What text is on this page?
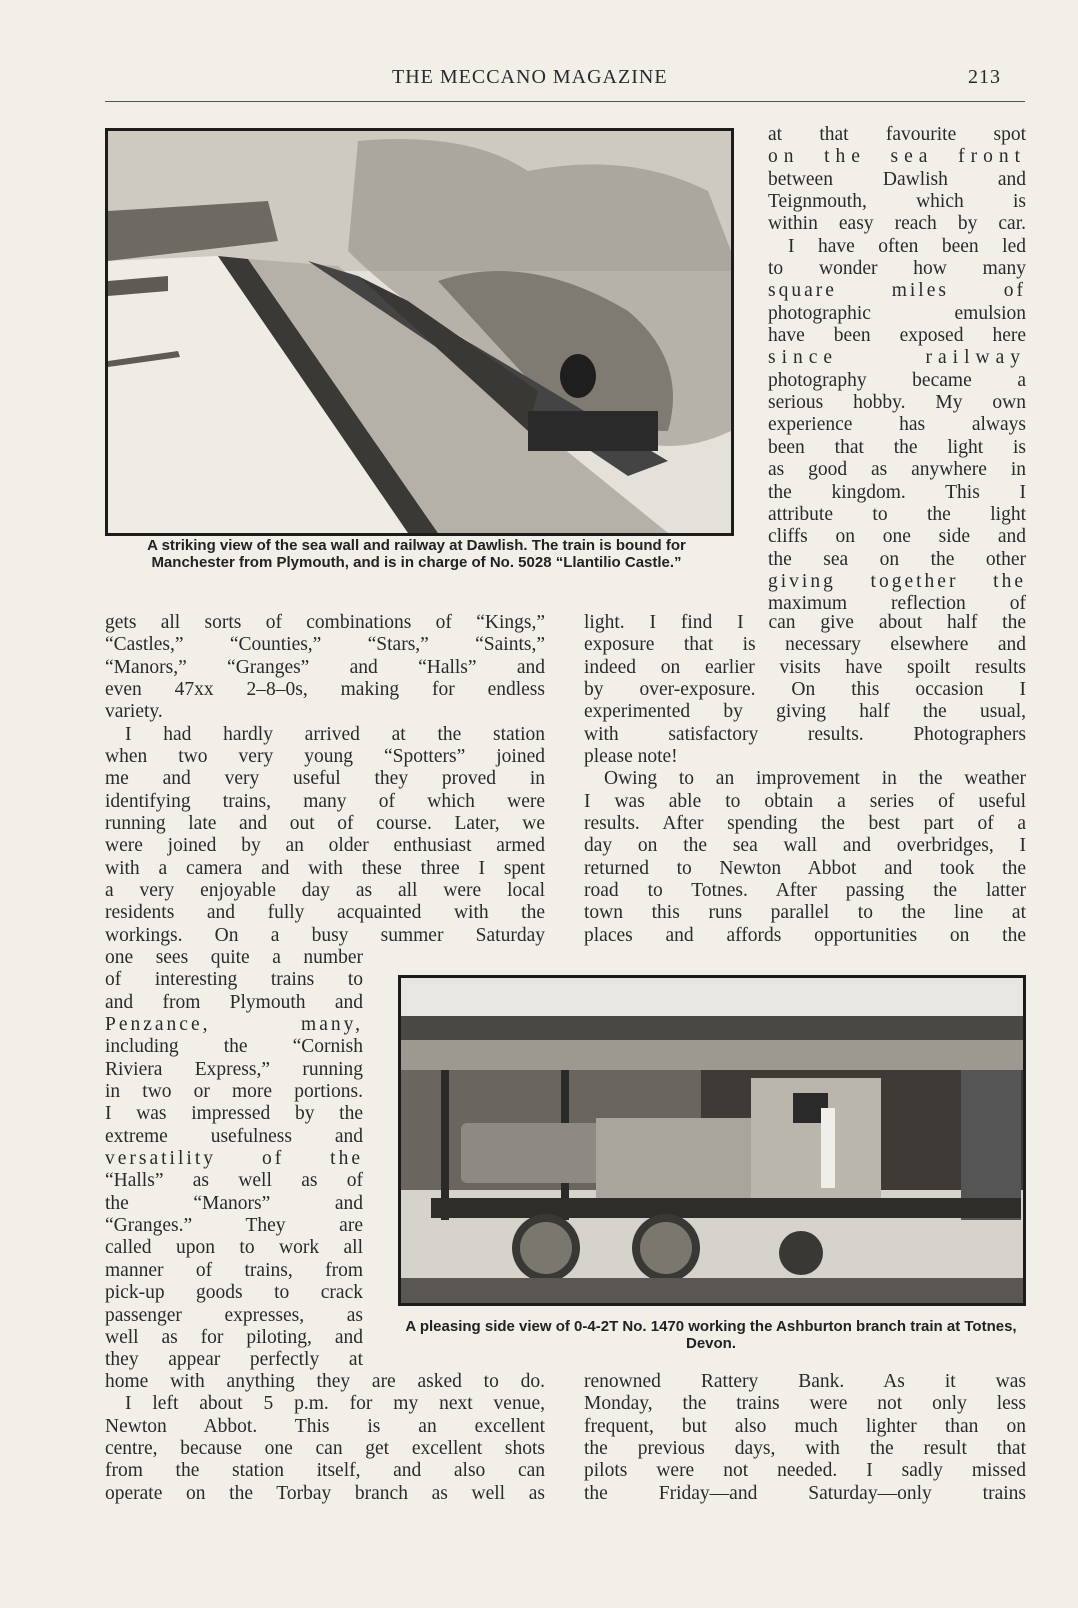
THE MECCANO MAGAZINE	213
A striking view of the sea wall and railway at Dawlish. The train is bound for Manchester from Plymouth, and is in charge of No. 5028 “Llantilio Castle.”
at that favourite spot
on the sea front
between Dawlish and
Teignmouth, which is
within easy reach by car.
I have often been led
to wonder how many
square miles of
photographic emulsion
have been exposed here
since railway
photography became a
serious hobby. My own
experience has always
been that the light is
as good as anywhere in
the kingdom. This I
attribute to the light
cliffs on one side and
the sea on the other
giving together the
maximum reflection of
gets all sorts of combinations of “Kings,”
“Castles,” “Counties,” “Stars,” “Saints,”
“Manors,” “Granges” and “Halls” and
even 47xx 2–8–0s, making for endless
variety.
I had hardly arrived at the station
when two very young “Spotters” joined
me and very useful they proved in
identifying trains, many of which were
running late and out of course. Later, we
were joined by an older enthusiast armed
with a camera and with these three I spent
a very enjoyable day as all were local
residents and fully acquainted with the
workings. On a busy summer Saturday
light. I find I can give about half the
exposure that is necessary elsewhere and
indeed on earlier visits have spoilt results
by over-exposure. On this occasion I
experimented by giving half the usual,
with satisfactory results. Photographers
please note!
Owing to an improvement in the weather
I was able to obtain a series of useful
results. After spending the best part of a
day on the sea wall and overbridges, I
returned to Newton Abbot and took the
road to Totnes. After passing the latter
town this runs parallel to the line at
places and affords opportunities on the
one sees quite a number
of interesting trains to
and from Plymouth and
Penzance, many,
including the “Cornish
Riviera Express,” running
in two or more portions.
I was impressed by the
extreme usefulness and
versatility of the
“Halls” as well as of
the “Manors” and
“Granges.” They are
called upon to work all
manner of trains, from
pick-up goods to crack
passenger expresses, as
well as for piloting, and
they appear perfectly at
A pleasing side view of 0-4-2T No. 1470 working the Ashburton branch train at Totnes, Devon.
home with anything they are asked to do.
I left about 5 p.m. for my next venue,
Newton Abbot. This is an excellent
centre, because one can get excellent shots
from the station itself, and also can
operate on the Torbay branch as well as
renowned Rattery Bank. As it was
Monday, the trains were not only less
frequent, but also much lighter than on
the previous days, with the result that
pilots were not needed. I sadly missed
the Friday—and Saturday—only trains
